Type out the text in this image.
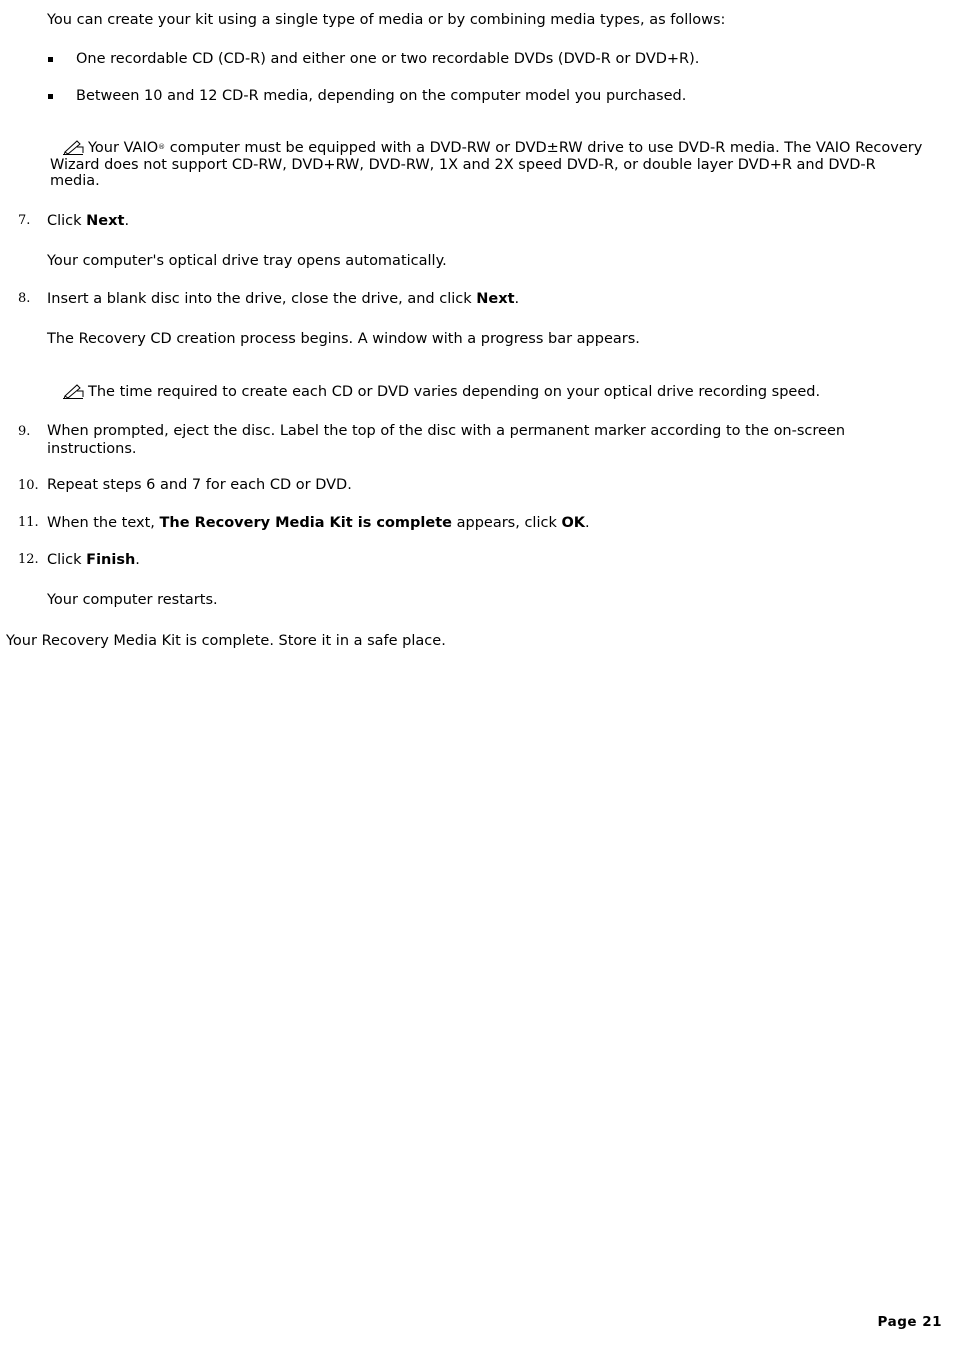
You can create your kit using a single type of media or by combining media types, as follows:
One recordable CD (CD-R) and either one or two recordable DVDs (DVD-R or DVD+R).
Between 10 and 12 CD-R media, depending on the computer model you purchased.
Your VAIO® computer must be equipped with a DVD-RW or DVD±RW drive to use DVD-R media. The VAIO Recovery Wizard does not support CD-RW, DVD+RW, DVD-RW, 1X and 2X speed DVD-R, or double layer DVD+R and DVD-R media.
7. Click Next.
Your computer's optical drive tray opens automatically.
8. Insert a blank disc into the drive, close the drive, and click Next.
The Recovery CD creation process begins. A window with a progress bar appears.
The time required to create each CD or DVD varies depending on your optical drive recording speed.
9. When prompted, eject the disc. Label the top of the disc with a permanent marker according to the on-screen instructions.
10. Repeat steps 6 and 7 for each CD or DVD.
11. When the text, The Recovery Media Kit is complete appears, click OK.
12. Click Finish.
Your computer restarts.
Your Recovery Media Kit is complete. Store it in a safe place.
Page 21
